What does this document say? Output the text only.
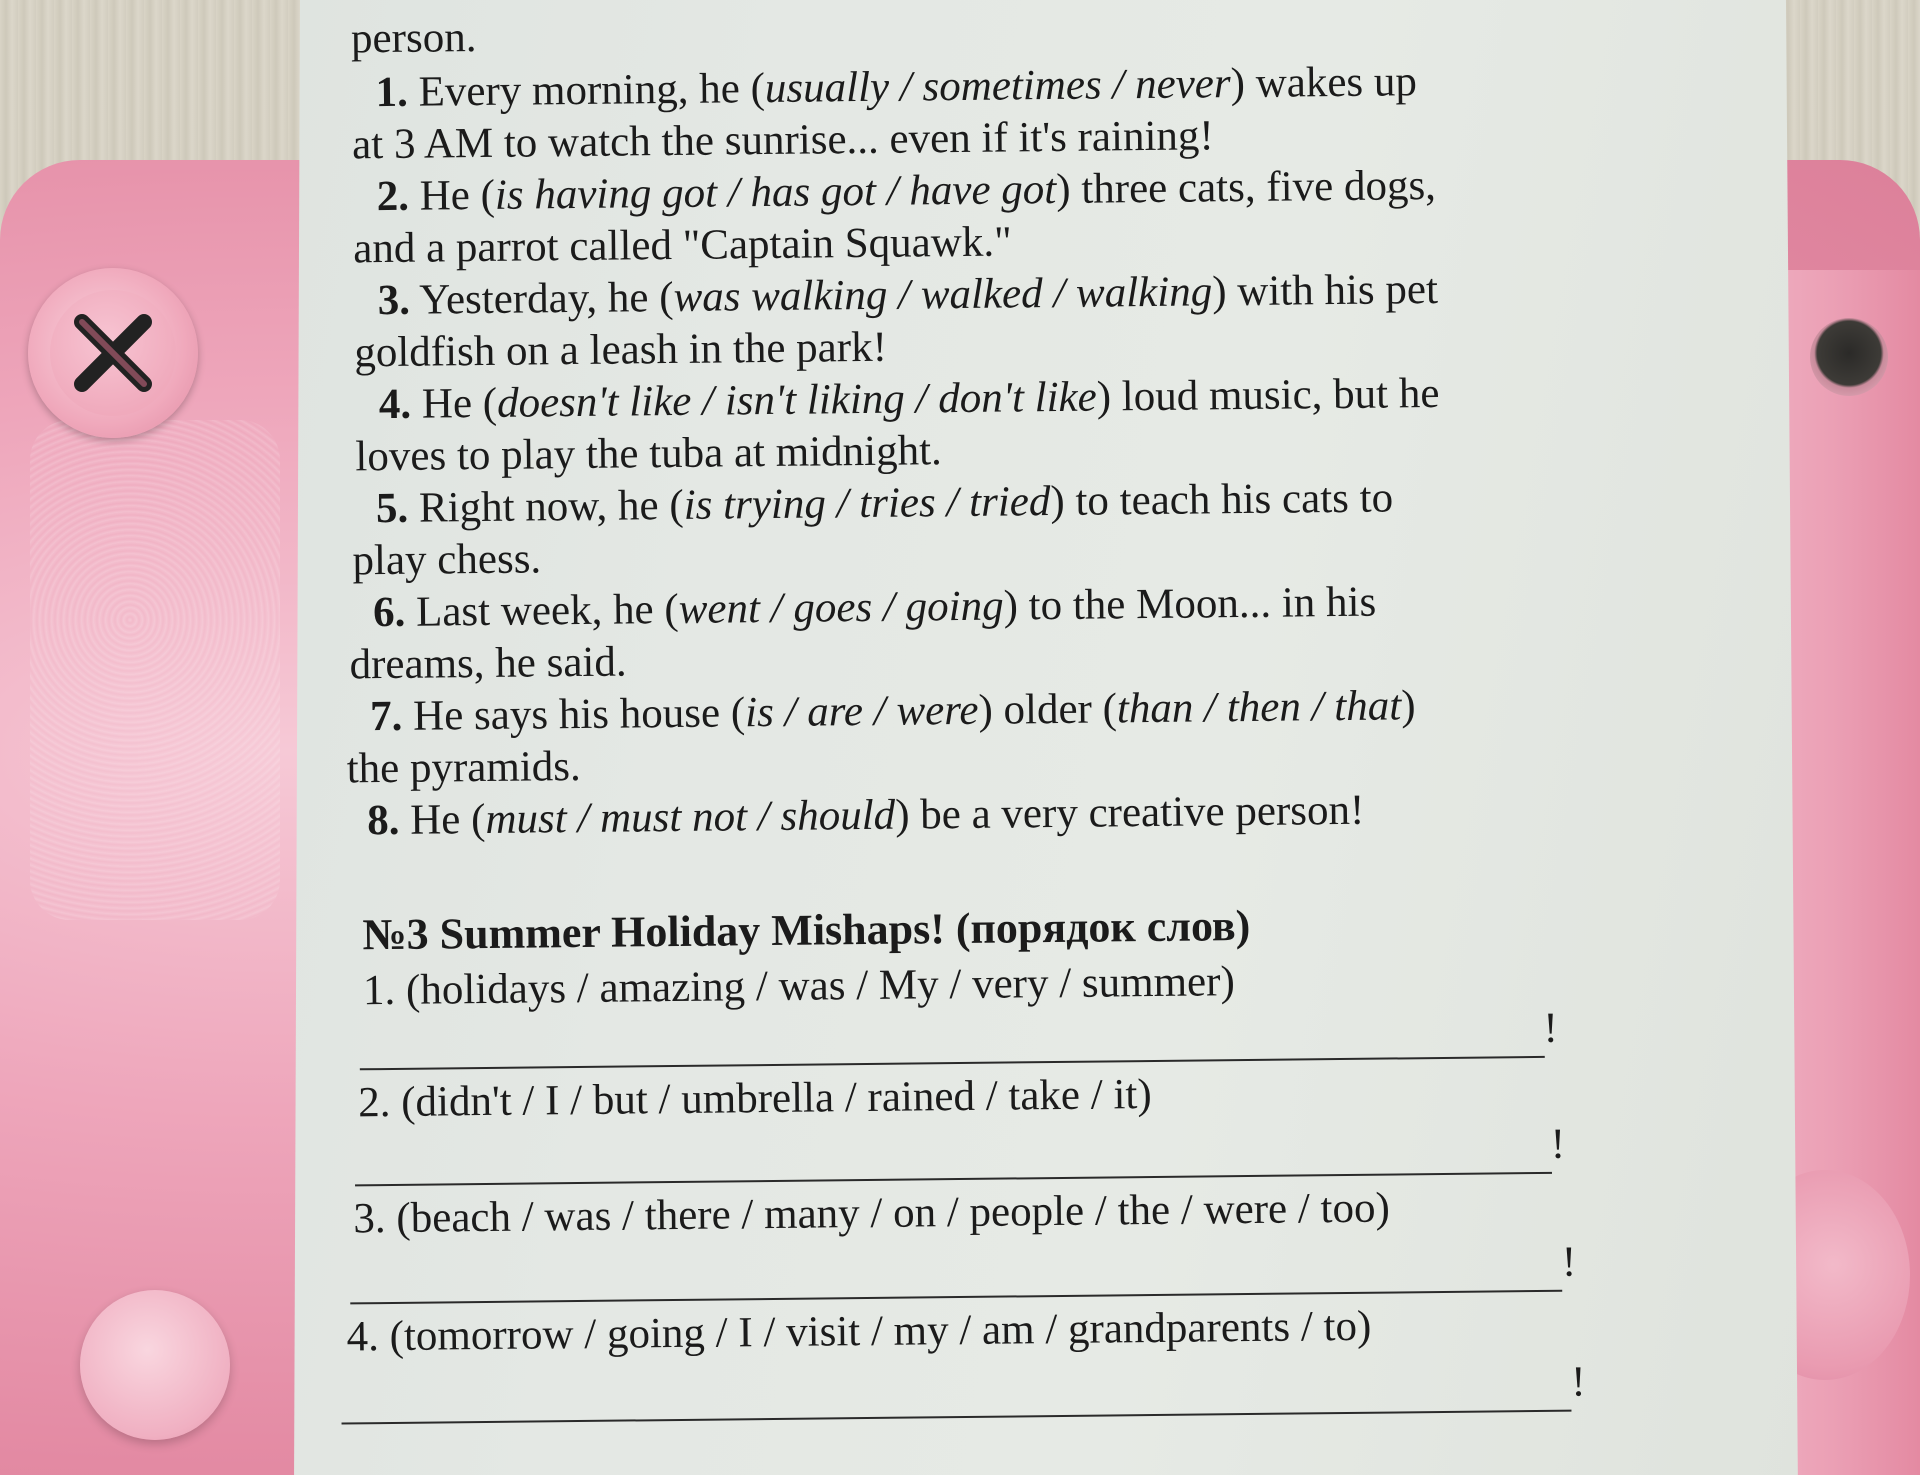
person.
1. Every morning, he (usually / sometimes / never) wakes up
at 3 AM to watch the sunrise... even if it's raining!
2. He (is having got / has got / have got) three cats, five dogs,
and a parrot called "Captain Squawk."
3. Yesterday, he (was walking / walked / walking) with his pet
goldfish on a leash in the park!
4. He (doesn't like / isn't liking / don't like) loud music, but he
loves to play the tuba at midnight.
5. Right now, he (is trying / tries / tried) to teach his cats to
play chess.
6. Last week, he (went / goes / going) to the Moon... in his
dreams, he said.
7. He says his house (is / are / were) older (than / then / that)
the pyramids.
8. He (must / must not / should) be a very creative person!
№3 Summer Holiday Mishaps! (порядок слов)
1. (holidays / amazing / was / My / very / summer)
!
2. (didn't / I / but / umbrella / rained / take / it)
!
3. (beach / was / there / many / on / people / the / were / too)
!
4. (tomorrow / going / I / visit / my / am / grandparents / to)
!
